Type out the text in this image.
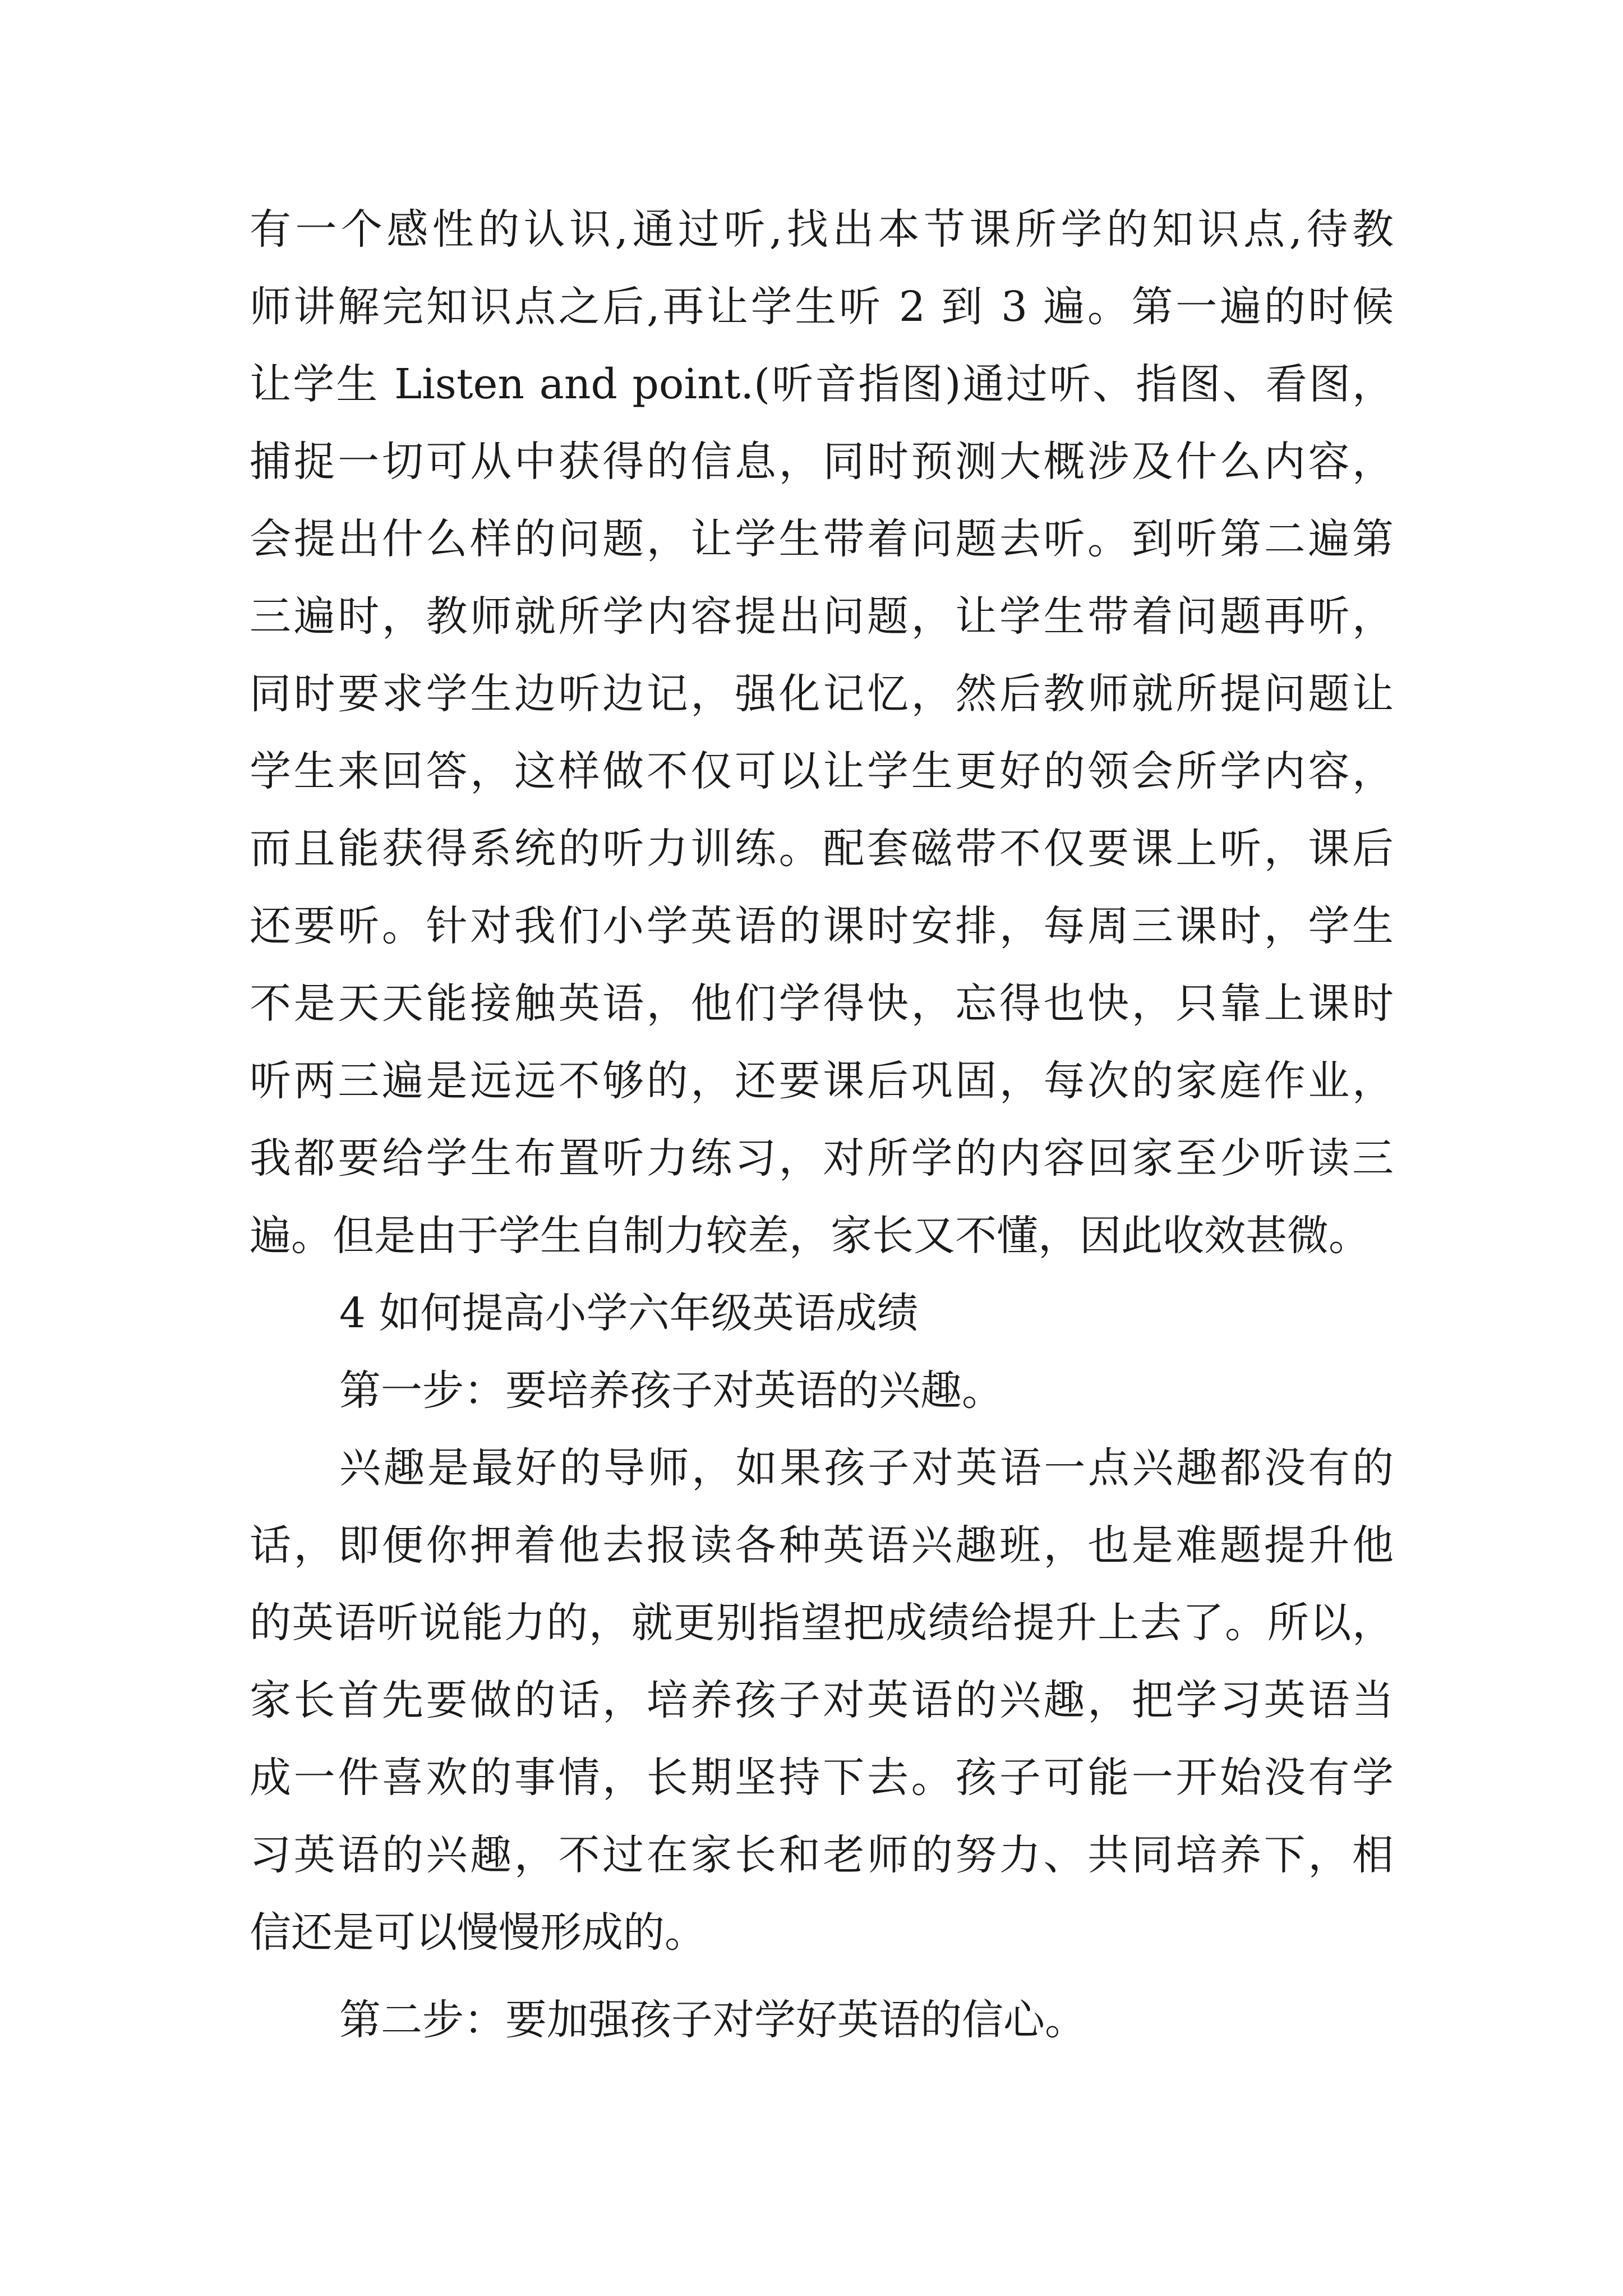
有一个感性的认识,通过听,找出本节课所学的知识点,待教
师讲解完知识点之后,再让学生听 2 到 3 遍。第一遍的时候
让学生 Listen and point.(听音指图)通过听、指图、看图，
捕捉一切可从中获得的信息，同时预测大概涉及什么内容，
会提出什么样的问题，让学生带着问题去听。到听第二遍第
三遍时，教师就所学内容提出问题，让学生带着问题再听，
同时要求学生边听边记，强化记忆，然后教师就所提问题让
学生来回答，这样做不仅可以让学生更好的领会所学内容，
而且能获得系统的听力训练。配套磁带不仅要课上听，课后
还要听。针对我们小学英语的课时安排，每周三课时，学生
不是天天能接触英语，他们学得快，忘得也快，只靠上课时
听两三遍是远远不够的，还要课后巩固，每次的家庭作业，
我都要给学生布置听力练习，对所学的内容回家至少听读三
遍。但是由于学生自制力较差，家长又不懂，因此收效甚微。
4 如何提高小学六年级英语成绩
第一步：要培养孩子对英语的兴趣。
兴趣是最好的导师，如果孩子对英语一点兴趣都没有的
话，即便你押着他去报读各种英语兴趣班，也是难题提升他
的英语听说能力的，就更别指望把成绩给提升上去了。所以，
家长首先要做的话，培养孩子对英语的兴趣，把学习英语当
成一件喜欢的事情，长期坚持下去。孩子可能一开始没有学
习英语的兴趣，不过在家长和老师的努力、共同培养下，相
信还是可以慢慢形成的。
第二步：要加强孩子对学好英语的信心。
